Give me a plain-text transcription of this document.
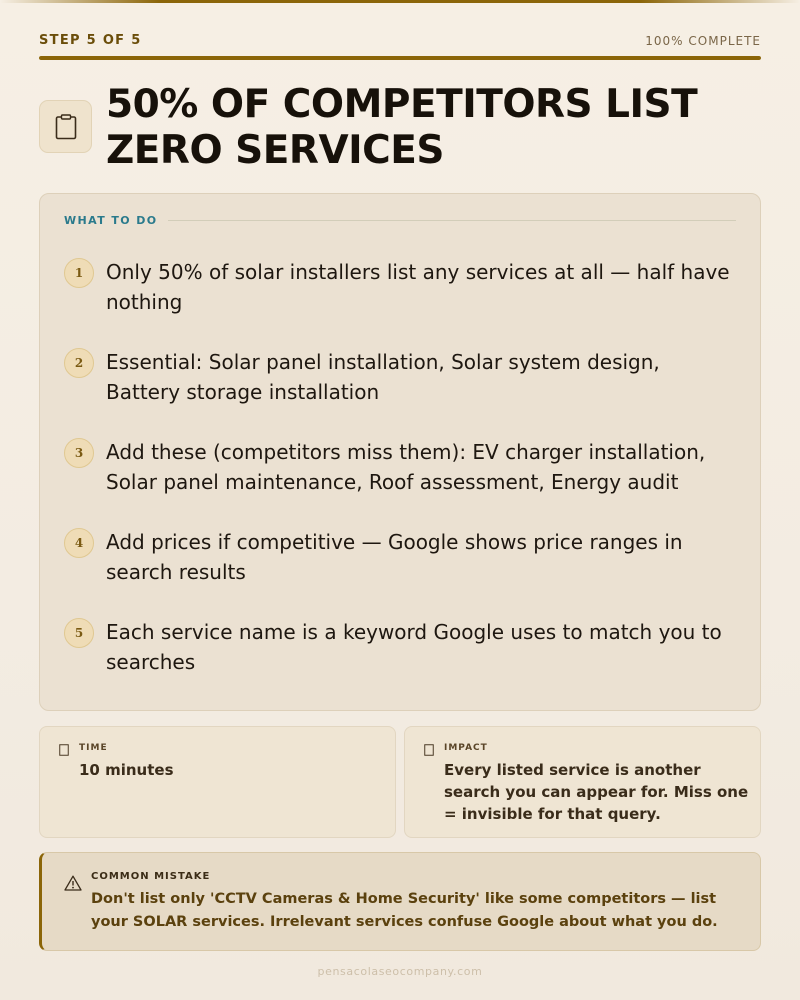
STEP 5 OF 5	100% COMPLETE
50% OF COMPETITORS LIST ZERO SERVICES
WHAT TO DO
1	Only 50% of solar installers list any services at all — half have nothing
2	Essential: Solar panel installation, Solar system design, Battery storage installation
3	Add these (competitors miss them): EV charger installation, Solar panel maintenance, Roof assessment, Energy audit
4	Add prices if competitive — Google shows price ranges in search results
5	Each service name is a keyword Google uses to match you to searches
TIME
10 minutes
IMPACT
Every listed service is another search you can appear for. Miss one = invisible for that query.
COMMON MISTAKE

Don't list only 'CCTV Cameras & Home Security' like some competitors — list your SOLAR services. Irrelevant services confuse Google about what you do.

pensacolaseocompany.com
